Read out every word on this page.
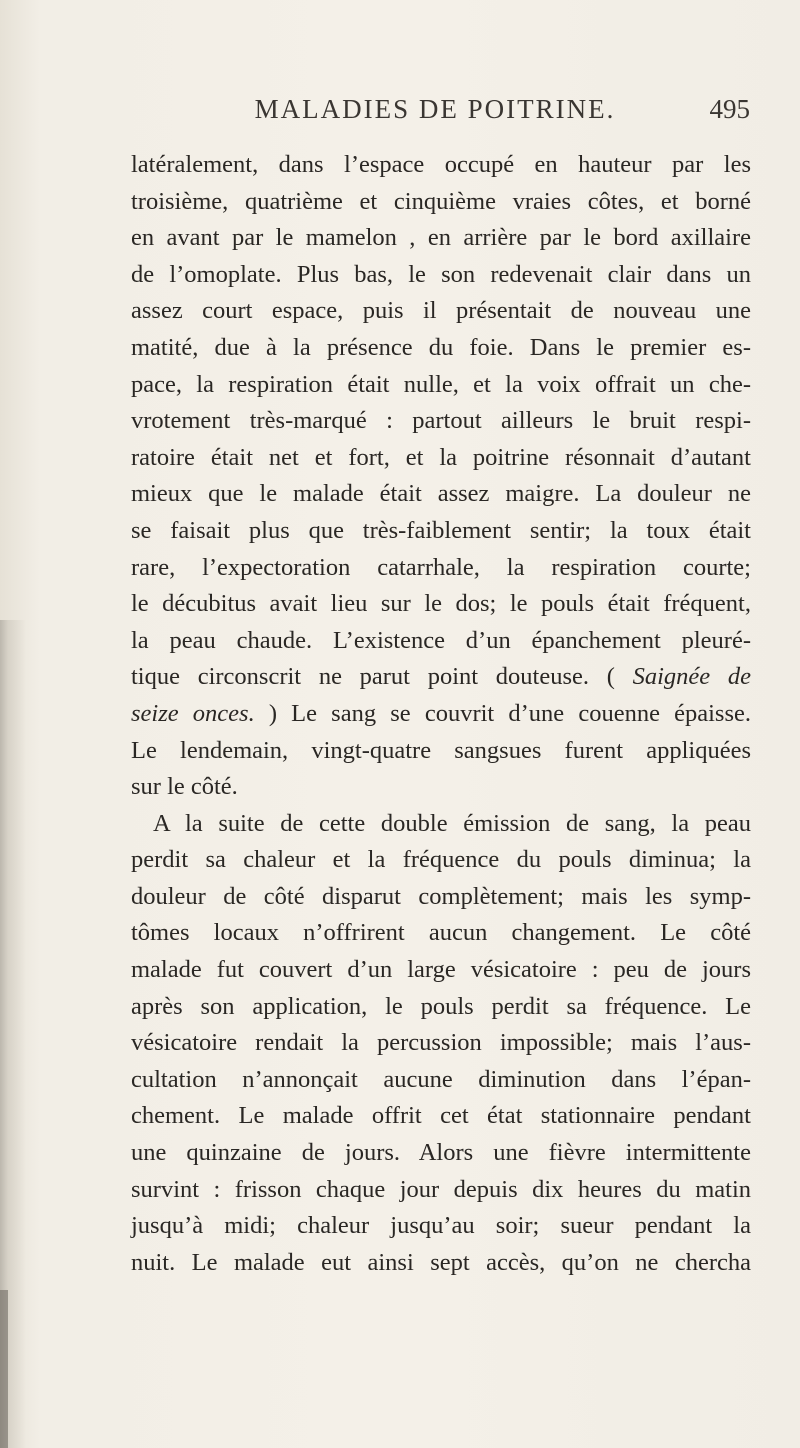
MALADIES DE POITRINE.	495
latéralement, dans l’espace occupé en hauteur par les
troisième, quatrième et cinquième vraies côtes, et borné
en avant par le mamelon , en arrière par le bord axillaire
de l’omoplate. Plus bas, le son redevenait clair dans un
assez court espace, puis il présentait de nouveau une
matité, due à la présence du foie. Dans le premier es-
pace, la respiration était nulle, et la voix offrait un che-
vrotement très-marqué : partout ailleurs le bruit respi-
ratoire était net et fort, et la poitrine résonnait d’autant
mieux que le malade était assez maigre. La douleur ne
se faisait plus que très-faiblement sentir; la toux était
rare, l’expectoration catarrhale, la respiration courte;
le décubitus avait lieu sur le dos; le pouls était fréquent,
la peau chaude. L’existence d’un épanchement pleuré-
tique circonscrit ne parut point douteuse. ( Saignée de
seize onces. ) Le sang se couvrit d’une couenne épaisse.
Le lendemain, vingt-quatre sangsues furent appliquées
sur le côté.
A la suite de cette double émission de sang, la peau
perdit sa chaleur et la fréquence du pouls diminua; la
douleur de côté disparut complètement; mais les symp-
tômes locaux n’offrirent aucun changement. Le côté
malade fut couvert d’un large vésicatoire : peu de jours
après son application, le pouls perdit sa fréquence. Le
vésicatoire rendait la percussion impossible; mais l’aus-
cultation n’annonçait aucune diminution dans l’épan-
chement. Le malade offrit cet état stationnaire pendant
une quinzaine de jours. Alors une fièvre intermittente
survint : frisson chaque jour depuis dix heures du matin
jusqu’à midi; chaleur jusqu’au soir; sueur pendant la
nuit. Le malade eut ainsi sept accès, qu’on ne chercha
